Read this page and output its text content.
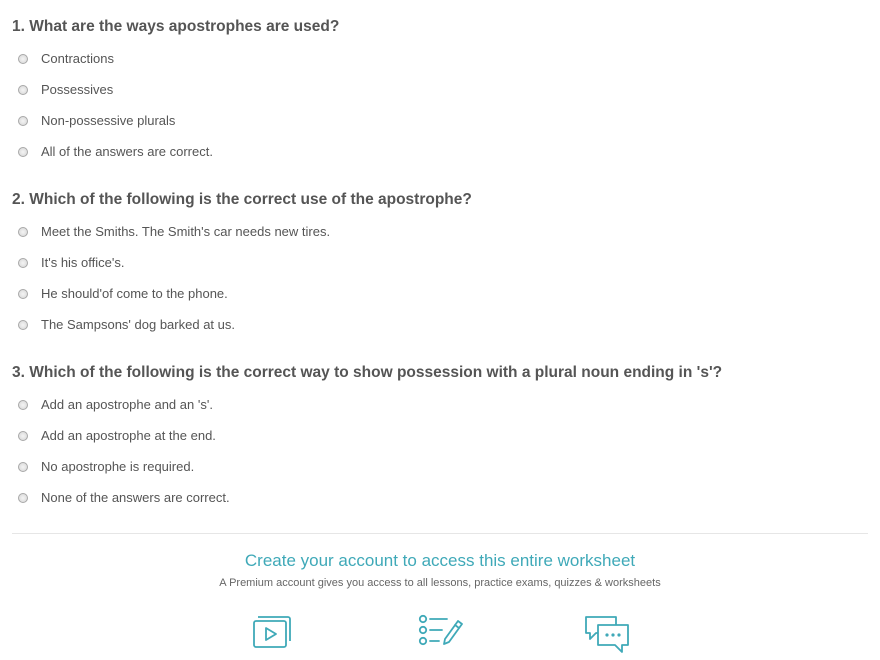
1. What are the ways apostrophes are used?
Contractions
Possessives
Non-possessive plurals
All of the answers are correct.
2. Which of the following is the correct use of the apostrophe?
Meet the Smiths. The Smith's car needs new tires.
It's his office's.
He should'of come to the phone.
The Sampsons' dog barked at us.
3. Which of the following is the correct way to show possession with a plural noun ending in 's'?
Add an apostrophe and an 's'.
Add an apostrophe at the end.
No apostrophe is required.
None of the answers are correct.
Create your account to access this entire worksheet
A Premium account gives you access to all lessons, practice exams, quizzes & worksheets
